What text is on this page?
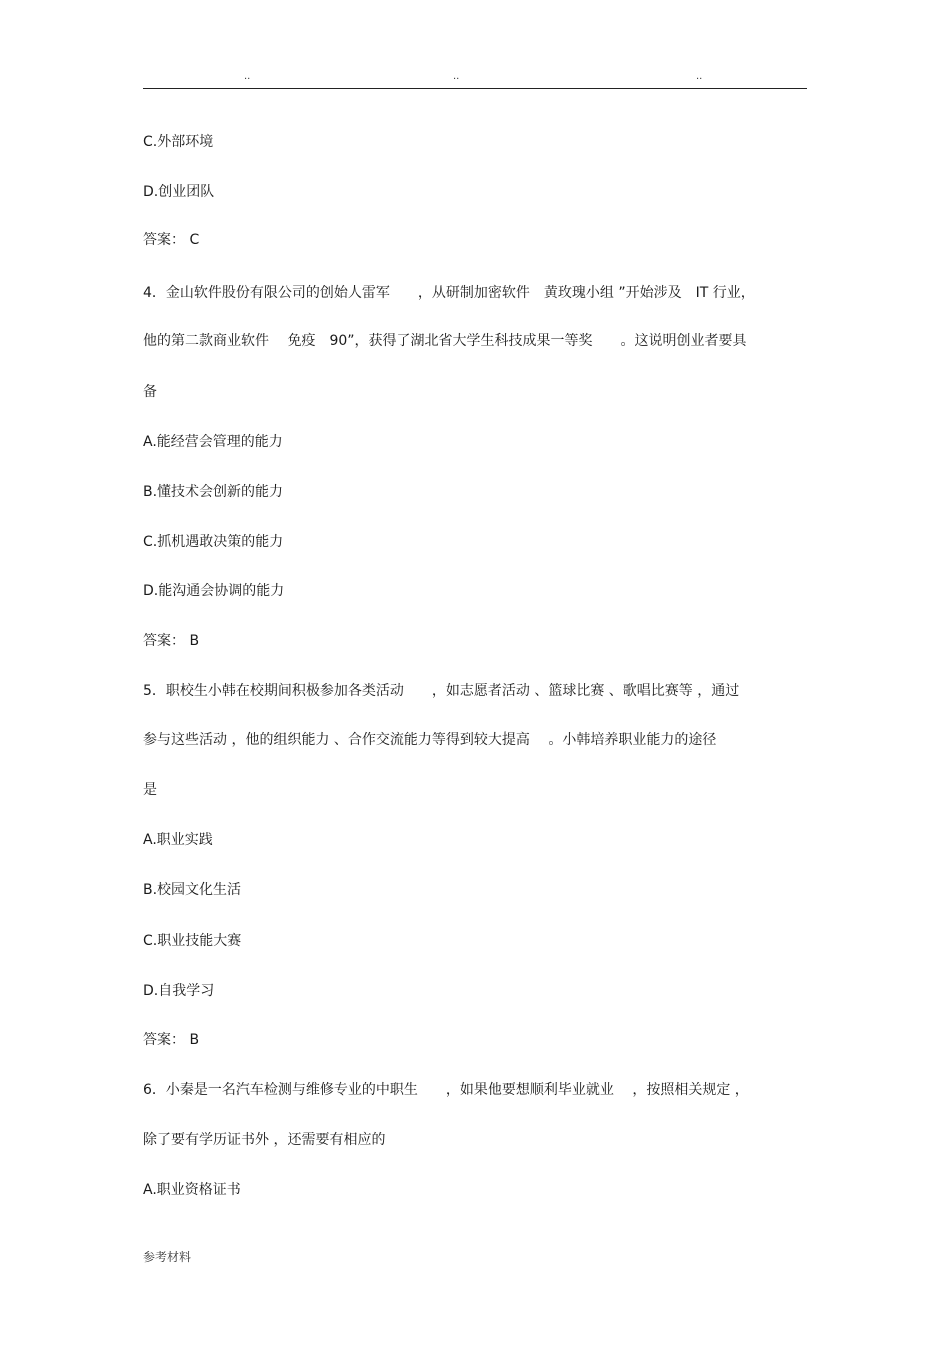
..	..	..
C.外部环境
D.创业团队
答案： C
4．金山软件股份有限公司的创始人雷军　　，从研制加密软件　黄玫瑰小组 ”开始涉及　IT 行业，
他的第二款商业软件　 免疫　90”，获得了湖北省大学生科技成果一等奖　　。这说明创业者要具
备
A.能经营会管理的能力
B.懂技术会创新的能力
C.抓机遇敢决策的能力
D.能沟通会协调的能力
答案： B
5．职校生小韩在校期间积极参加各类活动　　，如志愿者活动 、篮球比赛 、歌唱比赛等 ，通过
参与这些活动 ，他的组织能力 、合作交流能力等得到较大提高　 。小韩培养职业能力的途径
是
A.职业实践
B.校园文化生活
C.职业技能大赛
D.自我学习
答案： B
6．小秦是一名汽车检测与维修专业的中职生　　，如果他要想顺利毕业就业　 ，按照相关规定 ，
除了要有学历证书外 ，还需要有相应的
A.职业资格证书
参考材料
